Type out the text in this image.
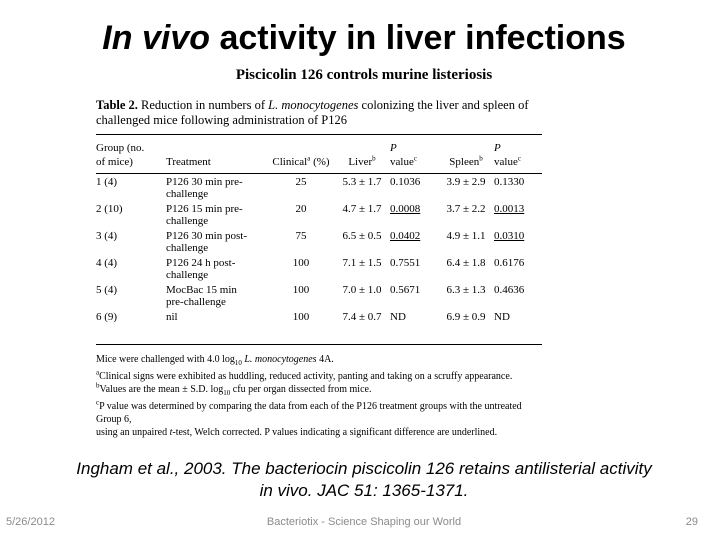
In vivo activity in liver infections
Piscicolin 126 controls murine listeriosis

Table 2. Reduction in numbers of L. monocytogenes colonizing the liver and spleen of challenged mice following administration of P126

Group (no.
of mice)	Treatment	Clinical$^a$ (%)	Liver$^b$	P
value$^c$	Spleen$^b$	P
value$^c$

1 (4)	P126 30 min pre-
challenge	25	5.3 ± 1.7	0.1036	3.9 ± 2.9	0.1330
2 (10)	P126 15 min pre-
challenge	20	4.7 ± 1.7	0.0008	3.7 ± 2.2	0.0013
3 (4)	P126 30 min post-
challenge	75	6.5 ± 0.5	0.0402	4.9 ± 1.1	0.0310
4 (4)	P126 24 h post-
challenge	100	7.1 ± 1.5	0.7551	6.4 ± 1.8	0.6176
5 (4)	MocBac 15 min
pre-challenge	100	7.0 ± 1.0	0.5671	6.3 ± 1.3	0.4636
6 (9)	nil	100	7.4 ± 0.7	ND	6.9 ± 0.9	ND

Mice were challenged with 4.0 $\log_{10} L$. monocytogenes 4A.

$^a$Clinical signs were exhibited as huddling, reduced activity, panting and taking on a scruffy appearance.

$^b$Values are the mean ± S.D. $\log_{10}$ cfu per organ dissected from mice.

$^c$P value was determined by comparing the data from each of the P126 treatment groups with the untreated Group 6,

using an unpaired t-test, Welch corrected. P values indicating a significant difference are underlined.

Ingham et al., 2003. The bacteriocin piscicolin 126 retains antilisterial activity
in vivo. JAC 51: 1365-1371.
5/26/2012	Bacteriotix - Science Shaping our World	29
